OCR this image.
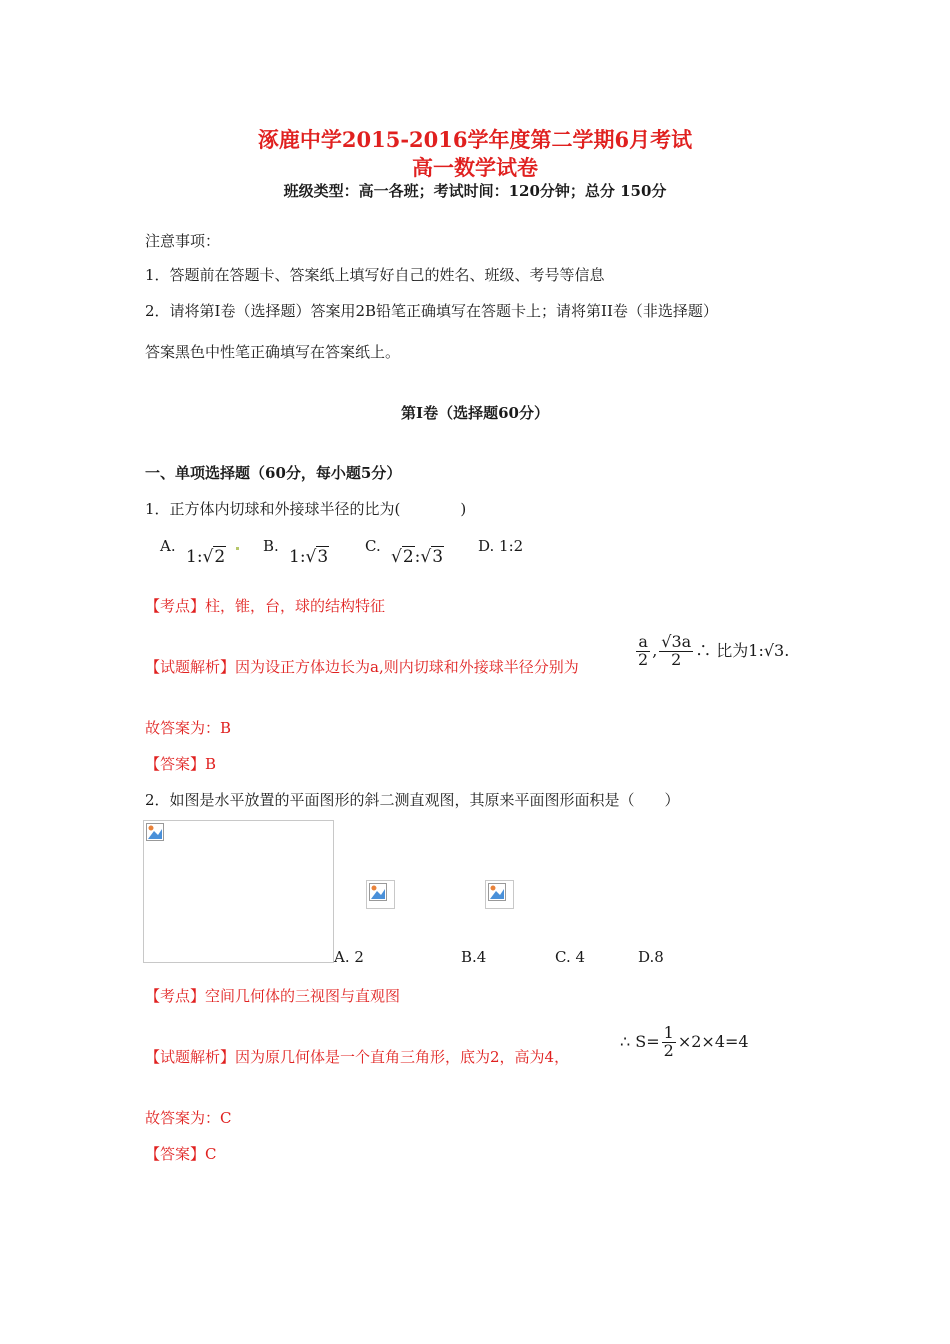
涿鹿中学2015-2016学年度第二学期6月考试
高一数学试卷
班级类型：高一各班；考试时间：120分钟；总分 150分
注意事项：
1．答题前在答题卡、答案纸上填写好自己的姓名、班级、考号等信息
2．请将第Ⅰ卷（选择题）答案用2B铅笔正确填写在答题卡上；请将第II卷（非选择题）
答案黑色中性笔正确填写在答案纸上。
第Ⅰ卷（选择题60分）
一、单项选择题（60分，每小题5分）
1．正方体内切球和外接球半径的比为(　　　　)
A.
1:√2
B.
1:√3
C.
√2:√3
D. 1:2
【考点】柱，锥，台，球的结构特征
【试题解析】因为设正方体边长为a,则内切球和外接球半径分别为	$\frac{a}{2}$ , $\frac{√3a}{2}$ ∴ 比为1:√3.
故答案为：B
【答案】B
2．如图是水平放置的平面图形的斜二测直观图，其原来平面图形面积是（　　）
A. 2	B.4	C. 4	D.8
【考点】空间几何体的三视图与直观图
【试题解析】因为原几何体是一个直角三角形，底为2，高为4，
∴ $S= \frac{1}{2} \times 2\times 4=4$
故答案为：C
【答案】C
